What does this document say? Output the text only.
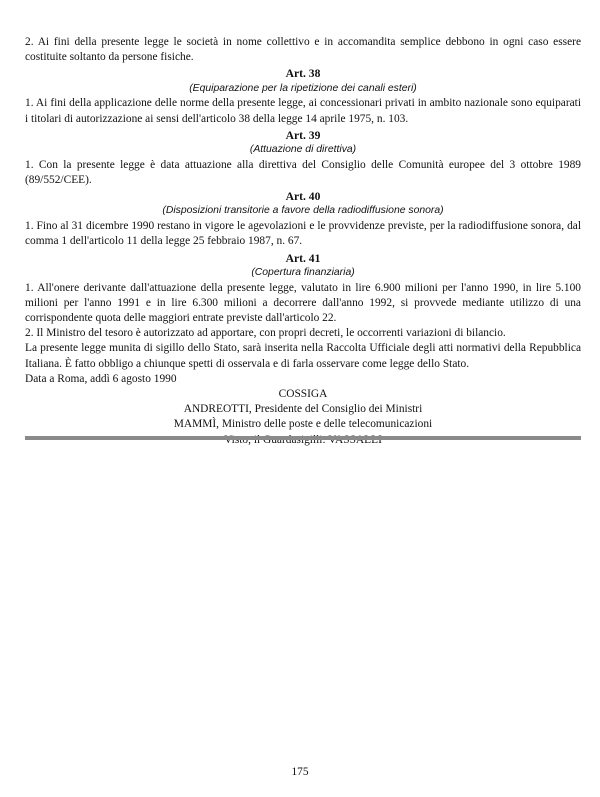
2. Ai fini della presente legge le società in nome collettivo e in accomandita semplice debbono in ogni caso essere costituite soltanto da persone fisiche.

Art. 38
(Equiparazione per la ripetizione dei canali esteri)

1. Ai fini della applicazione delle norme della presente legge, ai concessionari privati in ambito nazionale sono equiparati i titolari di autorizzazione ai sensi dell'articolo 38 della legge 14 aprile 1975, n. 103.

Art. 39
(Attuazione di direttiva)

1. Con la presente legge è data attuazione alla direttiva del Consiglio delle Comunità europee del 3 ottobre 1989 (89/552/CEE).

Art. 40
(Disposizioni transitorie a favore della radiodiffusione sonora)

1. Fino al 31 dicembre 1990 restano in vigore le agevolazioni e le provvidenze previste, per la radiodiffusione sonora, dal comma 1 dell'articolo 11 della legge 25 febbraio 1987, n. 67.

Art. 41
(Copertura finanziaria)

1. All'onere derivante dall'attuazione della presente legge, valutato in lire 6.900 milioni per l'anno 1990, in lire 5.100 milioni per l'anno 1991 e in lire 6.300 milioni a decorrere dall'anno 1992, si provvede mediante utilizzo di una corrispondente quota delle maggiori entrate previste dall'articolo 22.

2. Il Ministro del tesoro è autorizzato ad apportare, con propri decreti, le occorrenti variazioni di bilancio.

La presente legge munita di sigillo dello Stato, sarà inserita nella Raccolta Ufficiale degli atti normativi della Repubblica Italiana. È fatto obbligo a chiunque spetti di osservala e di farla osservare come legge dello Stato.

Data a Roma, addì 6 agosto 1990

COSSIGA
ANDREOTTI, Presidente del Consiglio dei Ministri
MAMMÌ, Ministro delle poste e delle telecomunicazioni
175
